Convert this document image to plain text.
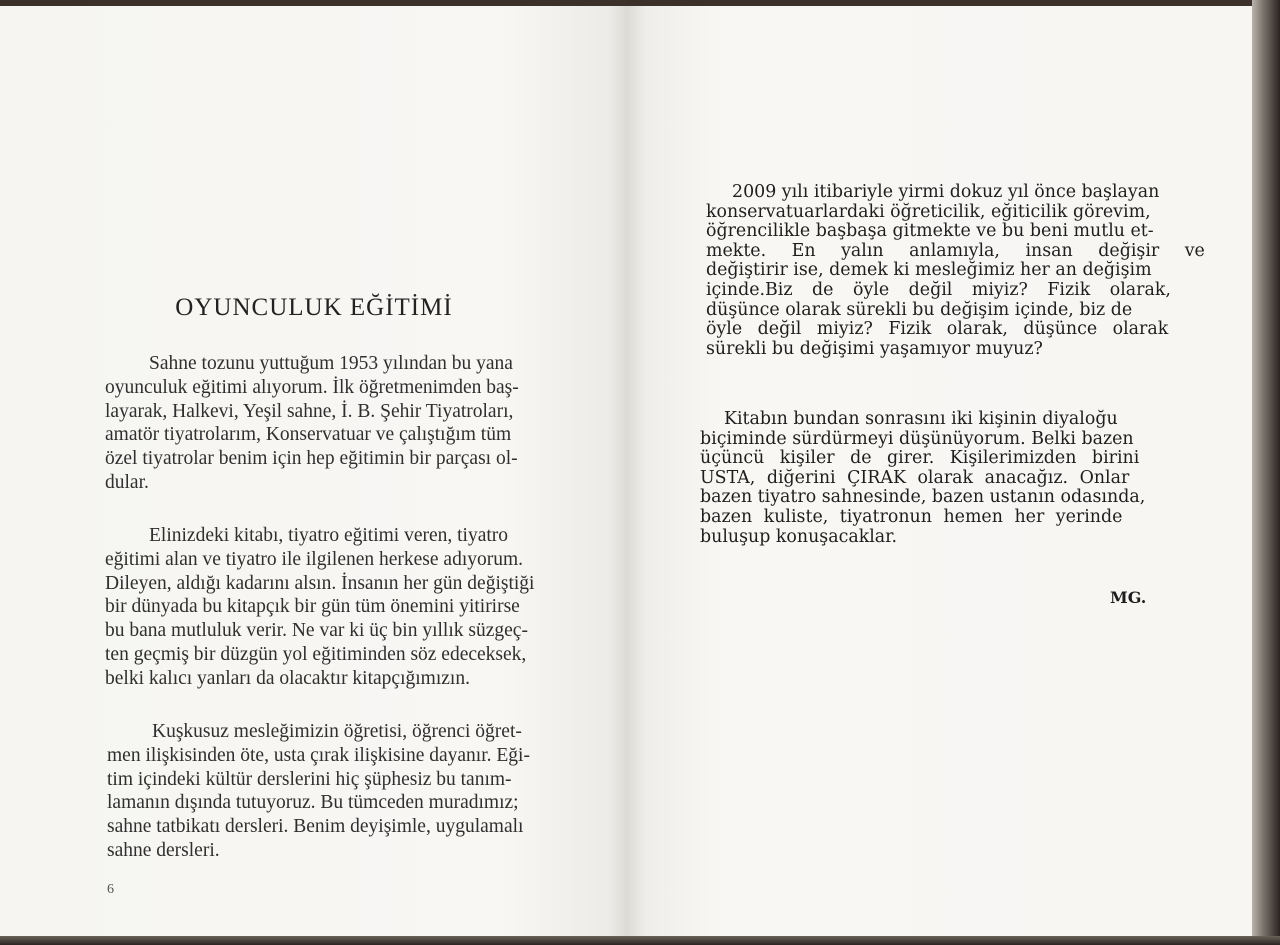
OYUNCULUK EĞİTİMİ
Sahne tozunu yuttuğum 1953 yılından bu yana
oyunculuk eğitimi alıyorum. İlk öğretmenimden baş-
layarak, Halkevi, Yeşil sahne, İ. B. Şehir Tiyatroları,
amatör tiyatrolarım, Konservatuar ve çalıştığım tüm
özel tiyatrolar benim için hep eğitimin bir parçası ol-
dular.
Elinizdeki kitabı, tiyatro eğitimi veren, tiyatro
eğitimi alan ve tiyatro ile ilgilenen herkese adıyorum.
Dileyen, aldığı kadarını alsın. İnsanın her gün değiştiği
bir dünyada bu kitapçık bir gün tüm önemini yitirirse
bu bana mutluluk verir. Ne var ki üç bin yıllık süzgeç-
ten geçmiş bir düzgün yol eğitiminden söz edeceksek,
belki kalıcı yanları da olacaktır kitapçığımızın.
Kuşkusuz mesleğimizin öğretisi, öğrenci öğret-
men ilişkisinden öte, usta çırak ilişkisine dayanır. Eği-
tim içindeki kültür derslerini hiç şüphesiz bu tanım-
lamanın dışında tutuyoruz. Bu tümceden muradımız;
sahne tatbikatı dersleri. Benim deyişimle, uygulamalı
sahne dersleri.
6
2009 yılı itibariyle yirmi dokuz yıl önce başlayan
konservatuarlardaki öğreticilik, eğiticilik görevim,
öğrencilikle başbaşa gitmekte ve bu beni mutlu et-
mekte. En yalın anlamıyla, insan değişir ve
değiştirir ise, demek ki mesleğimiz her an değişim
içinde.Biz de öyle değil miyiz? Fizik olarak,
düşünce olarak sürekli bu değişim içinde, biz de
öyle değil miyiz? Fizik olarak, düşünce olarak
sürekli bu değişimi yaşamıyor muyuz?
Kitabın bundan sonrasını iki kişinin diyaloğu
biçiminde sürdürmeyi düşünüyorum. Belki bazen
üçüncü kişiler de girer. Kişilerimizden birini
USTA, diğerini ÇIRAK olarak anacağız. Onlar
bazen tiyatro sahnesinde, bazen ustanın odasında,
bazen kuliste, tiyatronun hemen her yerinde
buluşup konuşacaklar.
MG.
